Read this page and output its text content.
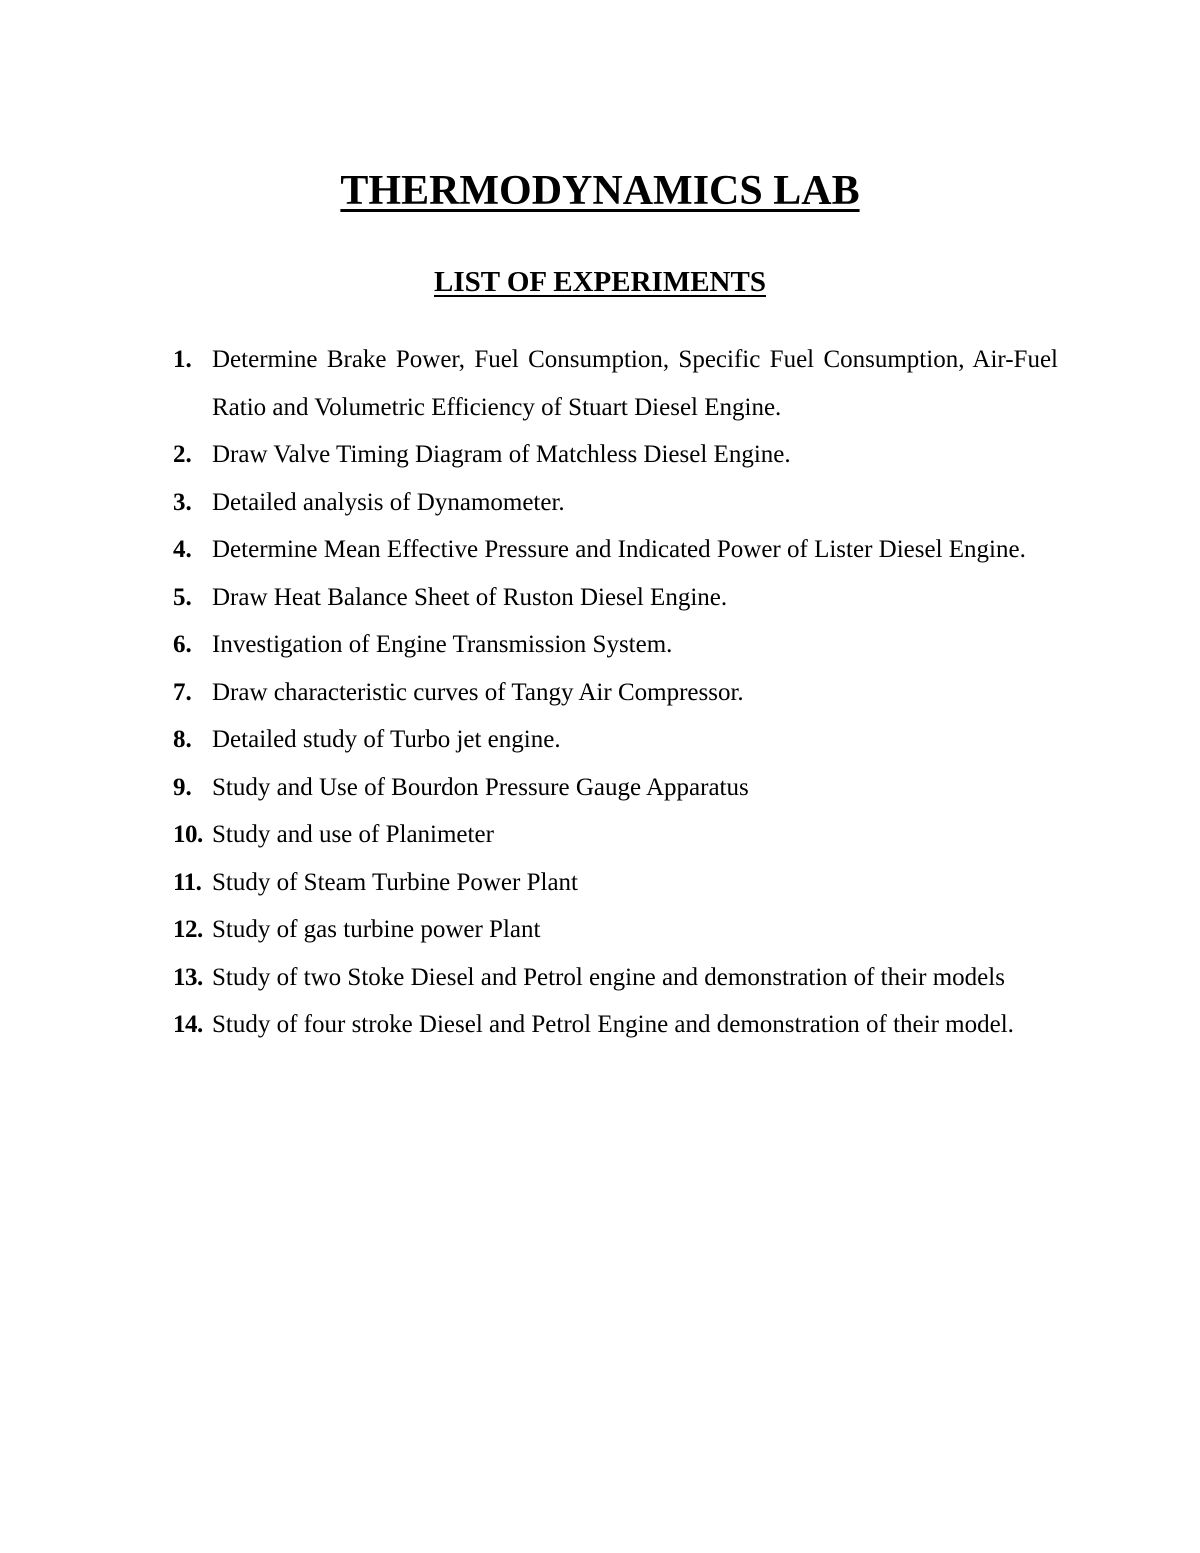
THERMODYNAMICS LAB
LIST OF EXPERIMENTS
1. Determine Brake Power, Fuel Consumption, Specific Fuel Consumption, Air-Fuel Ratio and Volumetric Efficiency of Stuart Diesel Engine.
2. Draw Valve Timing Diagram of Matchless Diesel Engine.
3. Detailed analysis of Dynamometer.
4. Determine Mean Effective Pressure and Indicated Power of Lister Diesel Engine.
5. Draw Heat Balance Sheet of Ruston Diesel Engine.
6. Investigation of Engine Transmission System.
7. Draw characteristic curves of Tangy Air Compressor.
8. Detailed study of Turbo jet engine.
9. Study and Use of Bourdon Pressure Gauge Apparatus
10. Study and use of Planimeter
11. Study of Steam Turbine Power Plant
12. Study of gas turbine power Plant
13. Study of two Stoke Diesel and Petrol engine and demonstration of their models
14. Study of four stroke Diesel and Petrol Engine and demonstration of their model.
